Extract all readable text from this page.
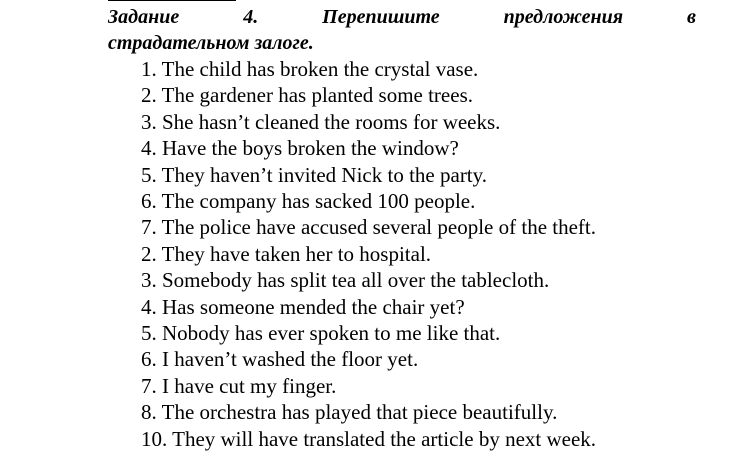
Задание	4.	Перепишите	предложения	в
страдательном залоге.
1. The child has broken the crystal vase.
2. The gardener has planted some trees.
3. She hasn’t cleaned the rooms for weeks.
4. Have the boys broken the window?
5. They haven’t invited Nick to the party.
6. The company has sacked 100 people.
7. The police have accused several people of the theft.
2. They have taken her to hospital.
3. Somebody has split tea all over the tablecloth.
4. Has someone mended the chair yet?
5. Nobody has ever spoken to me like that.
6. I haven’t washed the floor yet.
7. I have cut my finger.
8. The orchestra has played that piece beautifully.
10. They will have translated the article by next week.
